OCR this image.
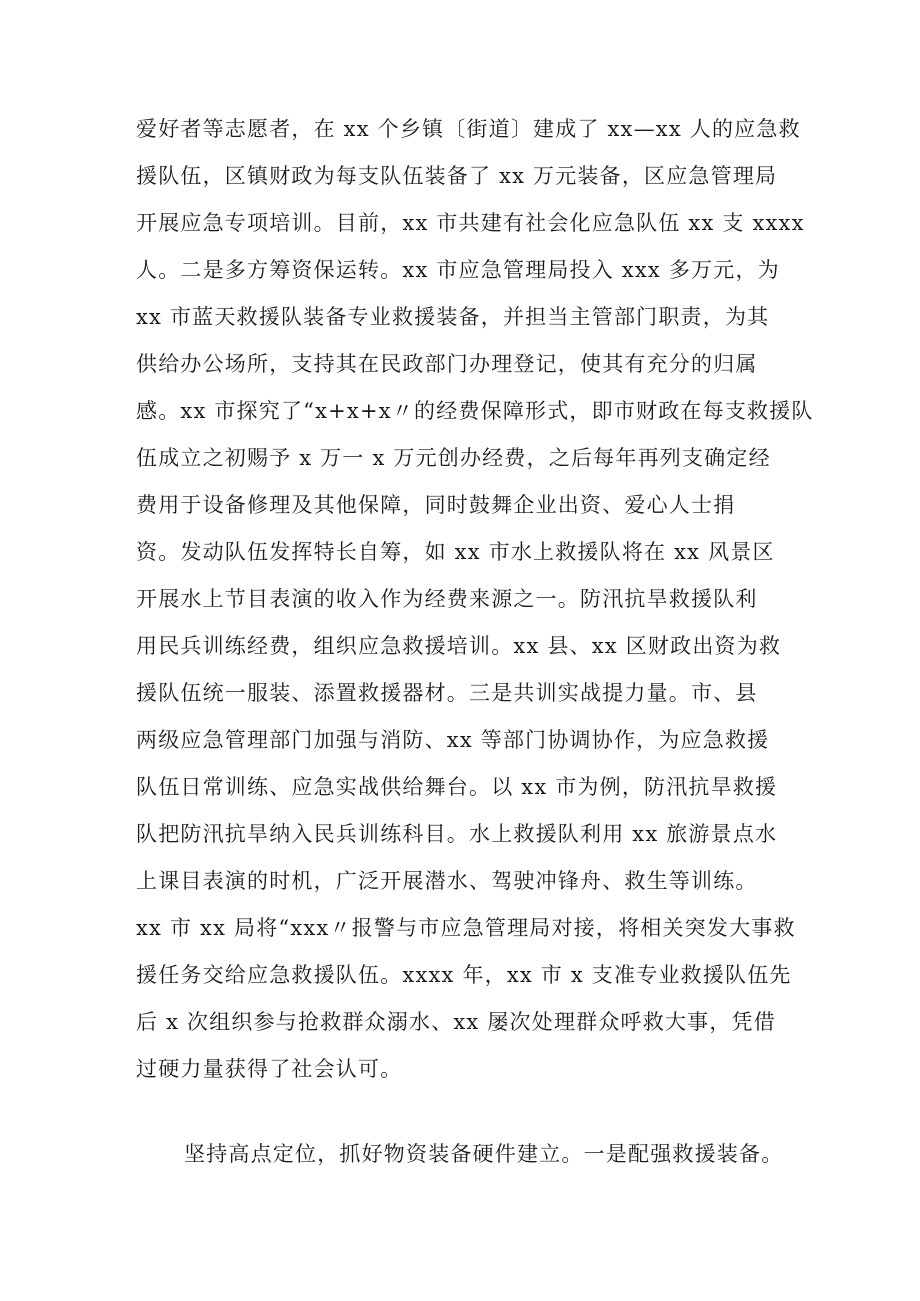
爱好者等志愿者，在 xx 个乡镇〔街道〕建成了 xx—xx 人的应急救
援队伍，区镇财政为每支队伍装备了 xx 万元装备，区应急管理局
开展应急专项培训。目前，xx 市共建有社会化应急队伍 xx 支 xxxx
人。二是多方筹资保运转。xx 市应急管理局投入 xxx 多万元，为
xx 市蓝天救援队装备专业救援装备，并担当主管部门职责，为其
供给办公场所，支持其在民政部门办理登记，使其有充分的归属
感。xx 市探究了“x+x+x〃的经费保障形式，即市财政在每支救援队
伍成立之初赐予 x 万一 x 万元创办经费，之后每年再列支确定经
费用于设备修理及其他保障，同时鼓舞企业出资、爱心人士捐
资。发动队伍发挥特长自筹，如 xx 市水上救援队将在 xx 风景区
开展水上节目表演的收入作为经费来源之一。防汛抗旱救援队利
用民兵训练经费，组织应急救援培训。xx 县、xx 区财政出资为救
援队伍统一服装、添置救援器材。三是共训实战提力量。市、县
两级应急管理部门加强与消防、xx 等部门协调协作，为应急救援
队伍日常训练、应急实战供给舞台。以 xx 市为例，防汛抗旱救援
队把防汛抗旱纳入民兵训练科目。水上救援队利用 xx 旅游景点水
上课目表演的时机，广泛开展潜水、驾驶冲锋舟、救生等训练。
xx 市 xx 局将“xxx〃报警与市应急管理局对接，将相关突发大事救
援任务交给应急救援队伍。xxxx 年，xx 市 x 支准专业救援队伍先
后 x 次组织参与抢救群众溺水、xx 屡次处理群众呼救大事，凭借
过硬力量获得了社会认可。
坚持高点定位，抓好物资装备硬件建立。一是配强救援装备。
